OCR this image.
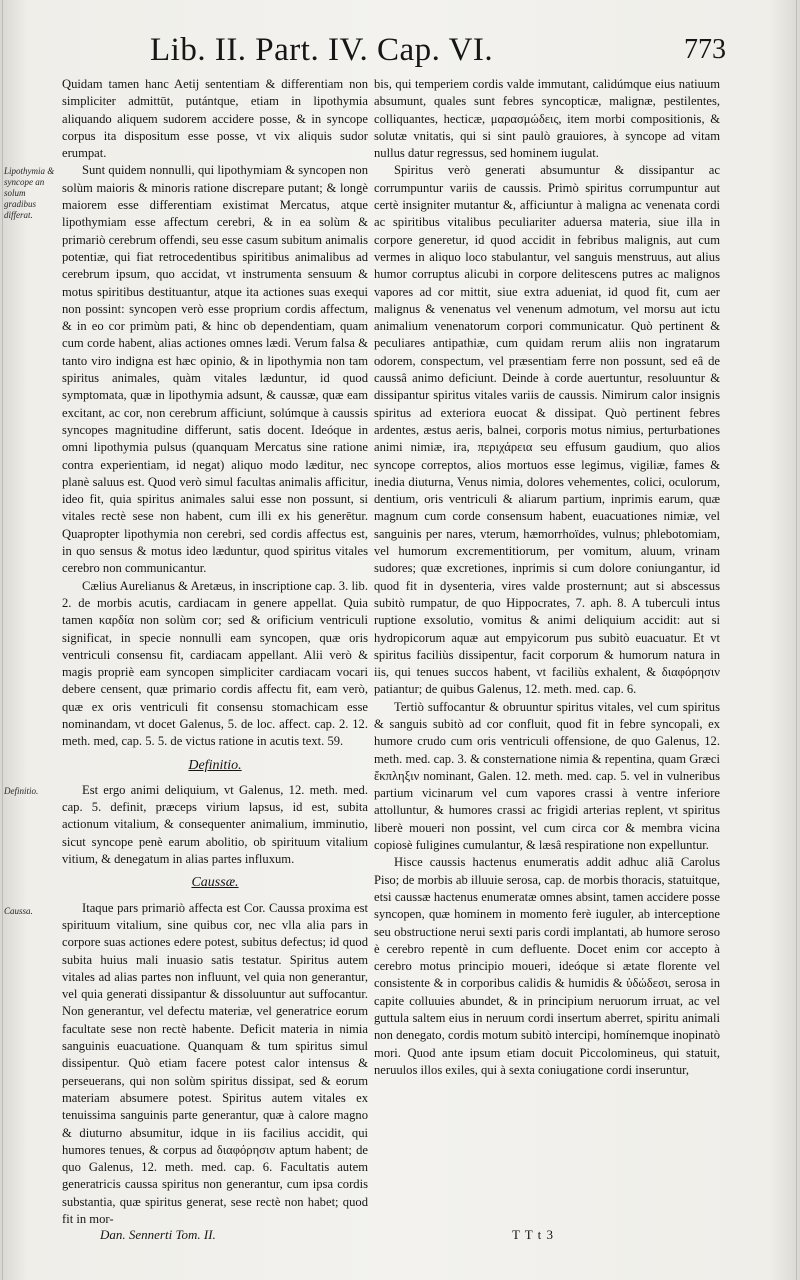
Lib. II. Part. IV. Cap. VI.	773
Lipothymia & syncope an solum gradibus differat.
Definitio.
Caussa.

Quidam tamen hanc Aetij sententiam & differentiam non simpliciter admittūt, putántque, etiam in lipothymia aliquando aliquem sudorem accidere posse, & in syncope corpus ita dispositum esse posse, vt vix aliquis sudor erumpat.

Sunt quidem nonnulli, qui lipothymiam & syncopen non solùm maioris & minoris ratione discrepare putant; & longè maiorem esse differentiam existimat Mercatus, atque lipothymiam esse affectum cerebri, & in ea solùm & primariò cerebrum offendi, seu esse casum subitum animalis potentiæ, qui fiat retrocedentibus spiritibus animalibus ad cerebrum ipsum, quo accidat, vt instrumenta sensuum & motus spiritibus destituantur, atque ita actiones suas exequi non possint: syncopen verò esse proprium cordis affectum, & in eo cor primùm pati, & hinc ob dependentiam, quam cum corde habent, alias actiones omnes lædi. Verum falsa & tanto viro indigna est hæc opinio, & in lipothymia non tam spiritus animales, quàm vitales læduntur, id quod symptomata, quæ in lipothymia adsunt, & caussæ, quæ eam excitant, ac cor, non cerebrum afficiunt, solúmque à caussis syncopes magnitudine differunt, satis docent. Ideóque in omni lipothymia pulsus (quanquam Mercatus sine ratione contra experientiam, id negat) aliquo modo læditur, nec planè saluus est. Quod verò simul facultas animalis afficitur, ideo fit, quia spiritus animales salui esse non possunt, si vitales rectè sese non habent, cum illi ex his generētur. Quapropter lipothymia non cerebri, sed cordis affectus est, in quo sensus & motus ideo læduntur, quod spiritus vitales cerebro non communicantur.

Cælius Aurelianus & Aretæus, in inscriptione cap. 3. lib. 2. de morbis acutis, cardiacam in genere appellat. Quia tamen καρδία non solùm cor; sed & orificium ventriculi significat, in specie nonnulli eam syncopen, quæ oris ventriculi consensu fit, cardiacam appellant. Alii verò & magis propriè eam syncopen simpliciter cardiacam vocari debere censent, quæ primario cordis affectu fit, eam verò, quæ ex oris ventriculi fit consensu stomachicam esse nominandam, vt docet Galenus, 5. de loc. affect. cap. 2. 12. meth. med, cap. 5. 5. de victus ratione in acutis text. 59.

Definitio.

Est ergo animi deliquium, vt Galenus, 12. meth. med. cap. 5. definit, præceps virium lapsus, id est, subita actionum vitalium, & consequenter animalium, imminutio, sicut syncope penè earum abolitio, ob spirituum vitalium vitium, & denegatum in alias partes influxum.

Caussæ.

Itaque pars primariò affecta est Cor. Caussa proxima est spirituum vitalium, sine quibus cor, nec vlla alia pars in corpore suas actiones edere potest, subitus defectus; id quod subita huius mali inuasio satis testatur. Spiritus autem vitales ad alias partes non influunt, vel quia non generantur, vel quia generati dissipantur & dissoluuntur aut suffocantur. Non generantur, vel defectu materiæ, vel generatrice eorum facultate sese non rectè habente. Deficit materia in nimia sanguinis euacuatione. Quanquam & tum spiritus simul dissipentur. Quò etiam facere potest calor intensus & perseuerans, qui non solùm spiritus dissipat, sed & eorum materiam absumere potest. Spiritus autem vitales ex tenuissima sanguinis parte generantur, quæ à calore magno & diuturno absumitur, idque in iis facilius accidit, qui humores tenues, & corpus ad διαφόρησιν aptum habent; de quo Galenus, 12. meth. med. cap. 6. Facultatis autem generatricis caussa spiritus non generantur, cum ipsa cordis substantia, quæ spiritus generat, sese rectè non habet; quod fit in mor-

bis, qui temperiem cordis valde immutant, calidúmque eius natiuum absumunt, quales sunt febres syncopticæ, malignæ, pestilentes, colliquantes, hecticæ, μαρασμώδεις, item morbi compositionis, & solutæ vnitatis, qui si sint paulò grauiores, à syncope ad vitam nullus datur regressus, sed hominem iugulat.

Spiritus verò generati absumuntur & dissipantur ac corrumpuntur variis de caussis. Primò spiritus corrumpuntur aut certè insigniter mutantur &, afficiuntur à maligna ac venenata cordi ac spiritibus vitalibus peculiariter aduersa materia, siue illa in corpore generetur, id quod accidit in febribus malignis, aut cum vermes in aliquo loco stabulantur, vel sanguis menstruus, aut alius humor corruptus alicubi in corpore delitescens putres ac malignos vapores ad cor mittit, siue extra adueniat, id quod fit, cum aer malignus & venenatus vel venenum admotum, vel morsu aut ictu animalium venenatorum corpori communicatur. Quò pertinent & peculiares antipathiæ, cum quidam rerum aliis non ingratarum odorem, conspectum, vel præsentiam ferre non possunt, sed eâ de caussâ animo deficiunt. Deinde à corde auertuntur, resoluuntur & dissipantur spiritus vitales variis de caussis. Nimirum calor insignis spiritus ad exteriora euocat & dissipat. Quò pertinent febres ardentes, æstus aeris, balnei, corporis motus nimius, perturbationes animi nimiæ, ira, περιχάρεια seu effusum gaudium, quo alios syncope correptos, alios mortuos esse legimus, vigiliæ, fames & inedia diuturna, Venus nimia, dolores vehementes, colici, oculorum, dentium, oris ventriculi & aliarum partium, inprimis earum, quæ magnum cum corde consensum habent, euacuationes nimiæ, vel sanguinis per nares, vterum, hæmorrhoïdes, vulnus; phlebotomiam, vel humorum excrementitiorum, per vomitum, aluum, vrinam sudores; quæ excretiones, inprimis si cum dolore coniungantur, id quod fit in dysenteria, vires valde prosternunt; aut si abscessus subitò rumpatur, de quo Hippocrates, 7. aph. 8. A tuberculi intus ruptione exsolutio, vomitus & animi deliquium accidit: aut si hydropicorum aquæ aut empyicorum pus subitò euacuatur. Et vt spiritus faciliùs dissipentur, facit corporum & humorum natura in iis, qui tenues succos habent, vt faciliùs exhalent, & διαφόρησιν patiantur; de quibus Galenus, 12. meth. med. cap. 6.

Tertiò suffocantur & obruuntur spiritus vitales, vel cum spiritus & sanguis subitò ad cor confluit, quod fit in febre syncopali, ex humore crudo cum oris ventriculi offensione, de quo Galenus, 12. meth. med. cap. 3. & consternatione nimia & repentina, quam Græci ἔκπληξιν nominant, Galen. 12. meth. med. cap. 5. vel in vulneribus partium vicinarum vel cum vapores crassi à ventre inferiore attolluntur, & humores crassi ac frigidi arterias replent, vt spiritus liberè moueri non possint, vel cum circa cor & membra vicina copiosè fuligines cumulantur, & læsâ respiratione non expelluntur.

Hisce caussis hactenus enumeratis addit adhuc aliã Carolus Piso; de morbis ab illuuie serosa, cap. de morbis thoracis, statuitque, etsi caussæ hactenus enumeratæ omnes absint, tamen accidere posse syncopen, quæ hominem in momento ferè iuguler, ab interceptione seu obstructione nerui sexti paris cordi implantati, ab humore seroso è cerebro repentè in cum defluente. Docet enim cor accepto à cerebro motus principio moueri, ideóque si ætate florente vel consistente & in corporibus calidis & humidis & ὑδώδεσι, serosa in capite colluuies abundet, & in principium neruorum irruat, ac vel guttula saltem eius in neruum cordi insertum aberret, spiritu animali non denegato, cordis motum subitò intercipi, homínemque inopinatò mori. Quod ante ipsum etiam docuit Piccolomineus, qui statuit, neruulos illos exiles, qui à sexta coniugatione cordi inseruntur,

Dan. Sennerti Tom. II.	T T t 3
